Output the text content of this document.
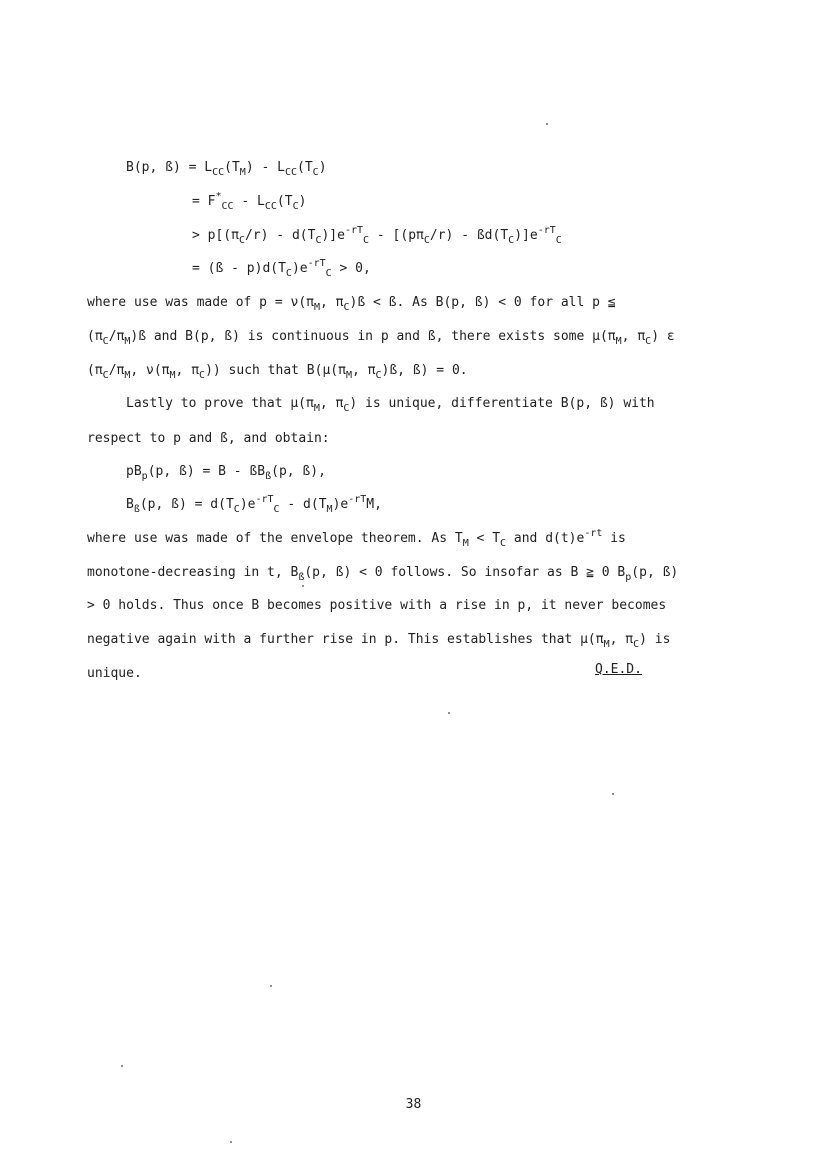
B(p, ß) = $L_{CC}(T_M) - L_{CC}(T_C)$
= $F^*_{CC} - L_{CC}(T_C)$
> $p[(\pi_C/r) - d(T_C)]e^{-rT}_C - [(p\pi_C/r)$ - $ßd(T_C)]e^{-rT}_C$
= (ß - $p)d(T_C)e^{-rT}_C > 0$,
where use was made of $p = \nu(\pi_M$, $\pi_C)ß$ < ß. As B(p, ß) < 0 for all p ≦
$(\pi_C/\pi_M)ß$ and B(p, ß) is continuous in p and ß, there exists some $\mu(\pi_M$, $\pi_C$) ε
($\pi_C/\pi_M$, $\nu(\pi_M$, $\pi_C$)) such that $B(\mu(\pi_M$, $\pi_C)ß$, ß) = 0.
Lastly to prove that $\mu(\pi_M$, $\pi_C$) is unique, differentiate B(p, ß) with
respect to p and ß, and obtain:
$pB_p(p$, ß) = B - $ßB_ß(p$, ß),
$B_ß(p$, ß) = $d(T_C)e^{-rT}_C - d(T_M)e^{-rT}M$,
where use was made of the envelope theorem. As $T_M < T_C$ and $d(t)e^{-rt}$ is
monotone-decreasing in t, $B_ß(p$, ß) < 0 follows. So insofar as B ≧ 0 $B_p(p$, ß)
> 0 holds. Thus once B becomes positive with a rise in p, it never becomes
negative again with a further rise in p. This establishes that $\mu(\pi_M$, $\pi_C$) is
unique.	Q.E.D.
38
